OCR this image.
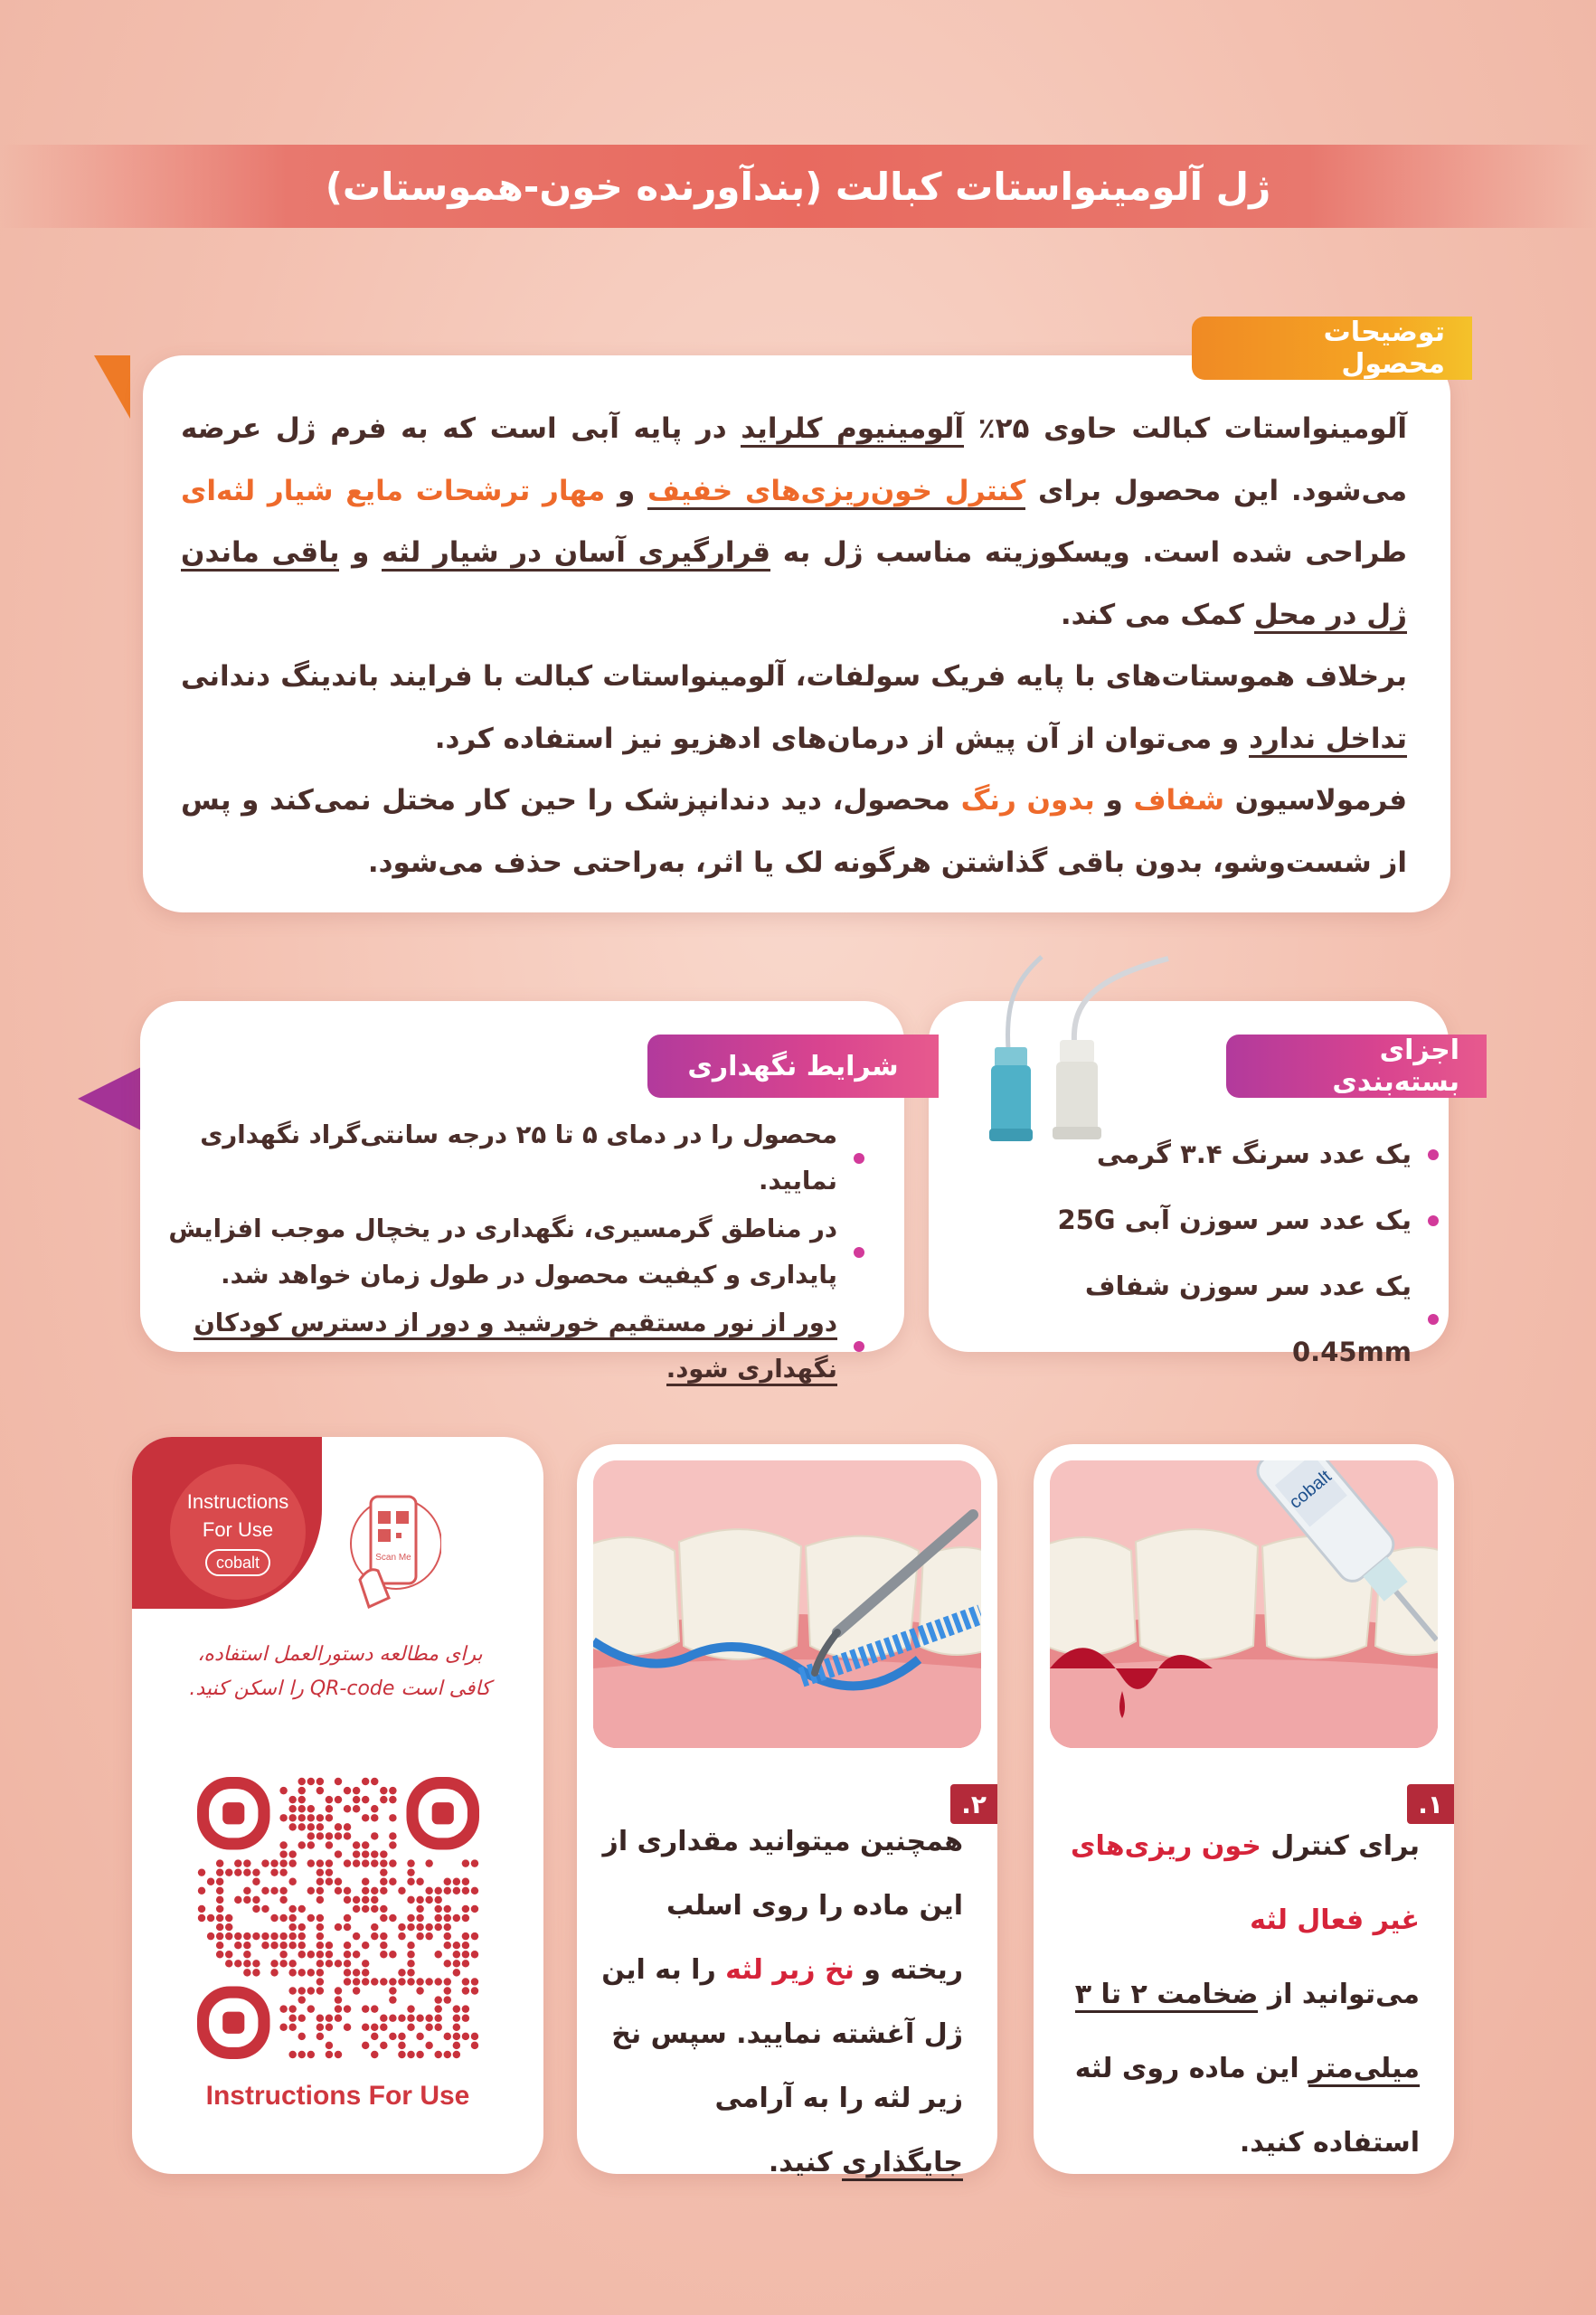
ژل آلومینواستات کبالت (بندآورنده خون-هموستات)
توضیحات محصول

آلومینواستات کبالت حاوی ۲۵٪ آلومینیوم کلراید در پایه آبی است که به فرم ژل عرضه می‌شود. این محصول برای کنترل خون‌ریزی‌های خفیف و مهار ترشحات مایع شیار لثه‌ای طراحی شده است. ویسکوزیته مناسب ژل به قرارگیری آسان در شیار لثه و باقی ماندن ژل در محل کمک می کند.

برخلاف هموستات‌های با پایه فریک سولفات، آلومینواستات کبالت با فرایند باندینگ دندانی تداخل ندارد و می‌توان از آن پیش از درمان‌های ادهزیو نیز استفاده کرد.

فرمولاسیون شفاف و بدون رنگ محصول، دید دندانپزشک را حین کار مختل نمی‌کند و پس از شست‌وشو، بدون باقی گذاشتن هرگونه لک یا اثر، به‌راحتی حذف می‌شود.

اجزای بسته‌بندی
یک عدد سرنگ ۳.۴ گرمی
یک عدد سر سوزن آبی 25G
یک عدد سر سوزن شفاف 0.45mm
شرایط نگهداری
محصول را در دمای ۵ تا ۲۵ درجه سانتی‌گراد نگهداری نمایید.
در مناطق گرمسیری، نگهداری در یخچال موجب افزایش پایداری و کیفیت محصول در طول زمان خواهد شد.
دور از نور مستقیم خورشید و دور از دسترس کودکان نگهداری شود.
cobalt
۱.
برای کنترل خون ریزی‌های غیر فعال لثه
می‌توانید از ضخامت ۲ تا ۳ میلی‌متر این ماده روی لثه استفاده کنید.
۲.
همچنین میتوانید مقداری از این ماده را روی اسلب ریخته و نخ زیر لثه را به این ژل آغشته نمایید. سپس نخ زیر لثه را به آرامی جایگذاری کنید.
Instructions
For Use
cobalt	Scan Me
برای مطالعه دستورالعمل استفاده، کافی است QR-code را اسکن کنید.
Instructions For Use
